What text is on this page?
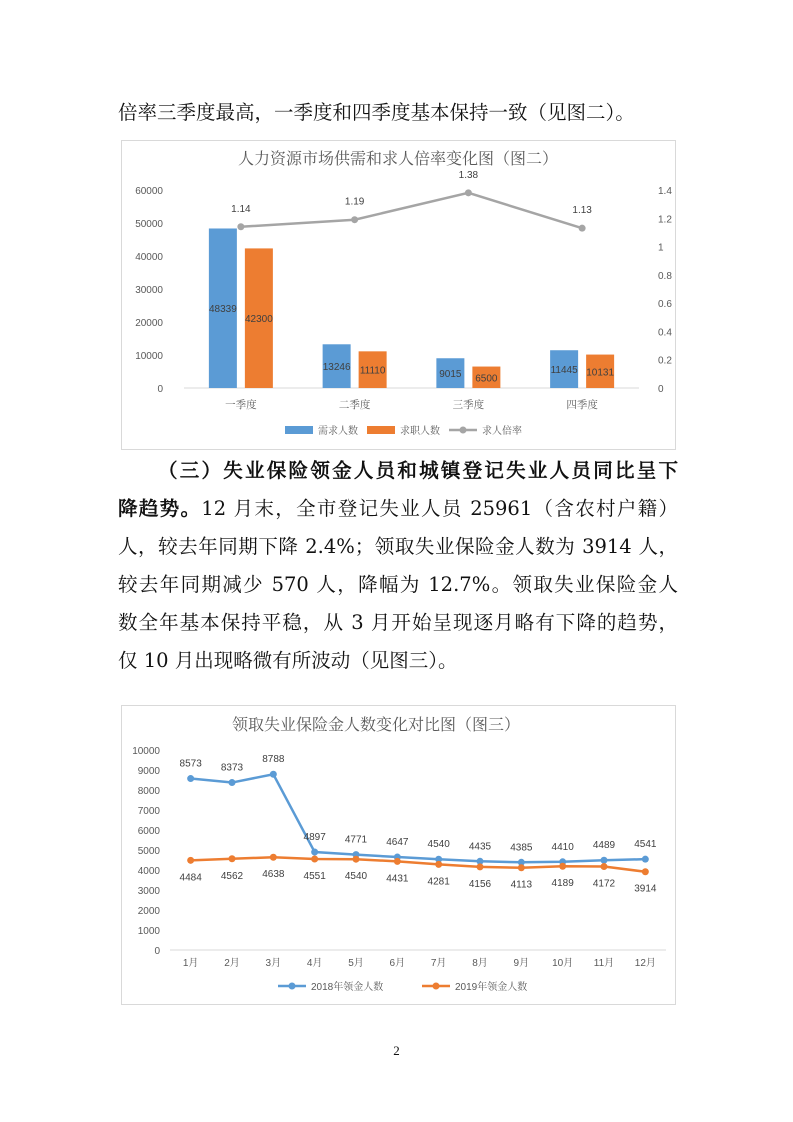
倍率三季度最高，一季度和四季度基本保持一致（见图二）。

人力资源市场供需和求人倍率变化图（图二）
0
10000
20000
30000
40000
50000
60000
0
0.2
0.4
0.6
0.8
1
1.2
1.4
一季度
48339
42300
二季度
13246 11110
三季度
9015 6500
四季度
11445 10131
1.14
1.19
1.38
1.13
需求人数	求职人数	求人倍率
（三）失业保险领金人员和城镇登记失业人员同比呈下
降趋势。12 月末，全市登记失业人员 25961（含农村户籍）
人，较去年同期下降 2.4%；领取失业保险金人数为 3914 人，
较去年同期减少 570 人，降幅为 12.7%。领取失业保险金人
数全年基本保持平稳，从 3 月开始呈现逐月略有下降的趋势，
仅 10 月出现略微有所波动（见图三）。
领取失业保险金人数变化对比图（图三）
0
1000
2000
3000
4000
5000
6000
7000
8000
9000
10000
1月	2月	3月	4月	5月	6月	7月	8月	9月 10月 11月 12月
8573 8373
8788
4897 4771 4647 4540 4435 4385 4410 4489 4541
4484 4562 4638 4551 4540 4431 4281 4156 4113 4189 4172 3914
2018年领金人数	2019年领金人数
2
